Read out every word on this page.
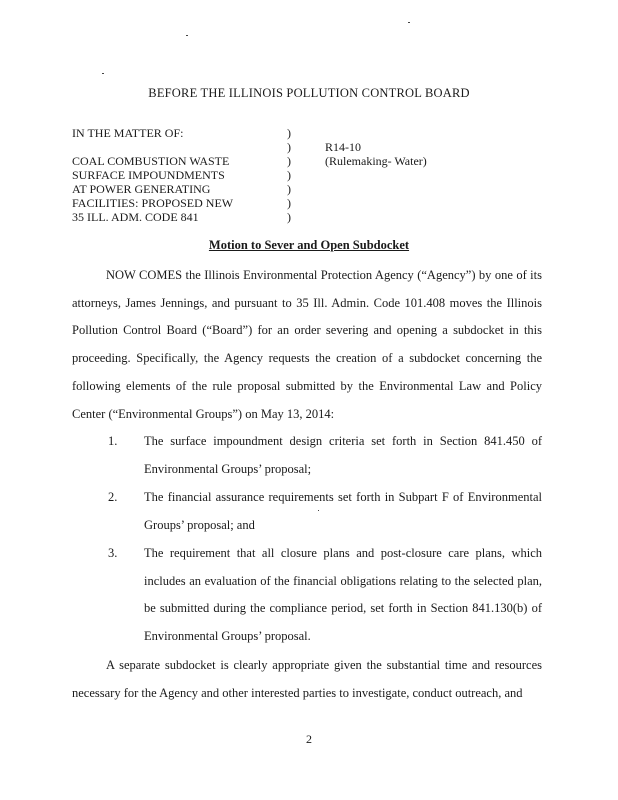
BEFORE THE ILLINOIS POLLUTION CONTROL BOARD
IN THE MATTER OF:
COAL COMBUSTION WASTE
SURFACE IMPOUNDMENTS
AT POWER GENERATING
FACILITIES: PROPOSED NEW
35 ILL. ADM. CODE 841
)
)
)
)
)
)
)
R14-10
(Rulemaking- Water)
Motion to Sever and Open Subdocket
NOW COMES the Illinois Environmental Protection Agency (“Agency”) by one of its attorneys, James Jennings, and pursuant to 35 Ill. Admin. Code 101.408 moves the Illinois Pollution Control Board (“Board”) for an order severing and opening a subdocket in this proceeding. Specifically, the Agency requests the creation of a subdocket concerning the following elements of the rule proposal submitted by the Environmental Law and Policy Center (“Environmental Groups”) on May 13, 2014:
1. The surface impoundment design criteria set forth in Section 841.450 of Environmental Groups’ proposal;
2. The financial assurance requirements set forth in Subpart F of Environmental Groups’ proposal; and
3. The requirement that all closure plans and post-closure care plans, which includes an evaluation of the financial obligations relating to the selected plan, be submitted during the compliance period, set forth in Section 841.130(b) of Environmental Groups’ proposal.
A separate subdocket is clearly appropriate given the substantial time and resources necessary for the Agency and other interested parties to investigate, conduct outreach, and
2
